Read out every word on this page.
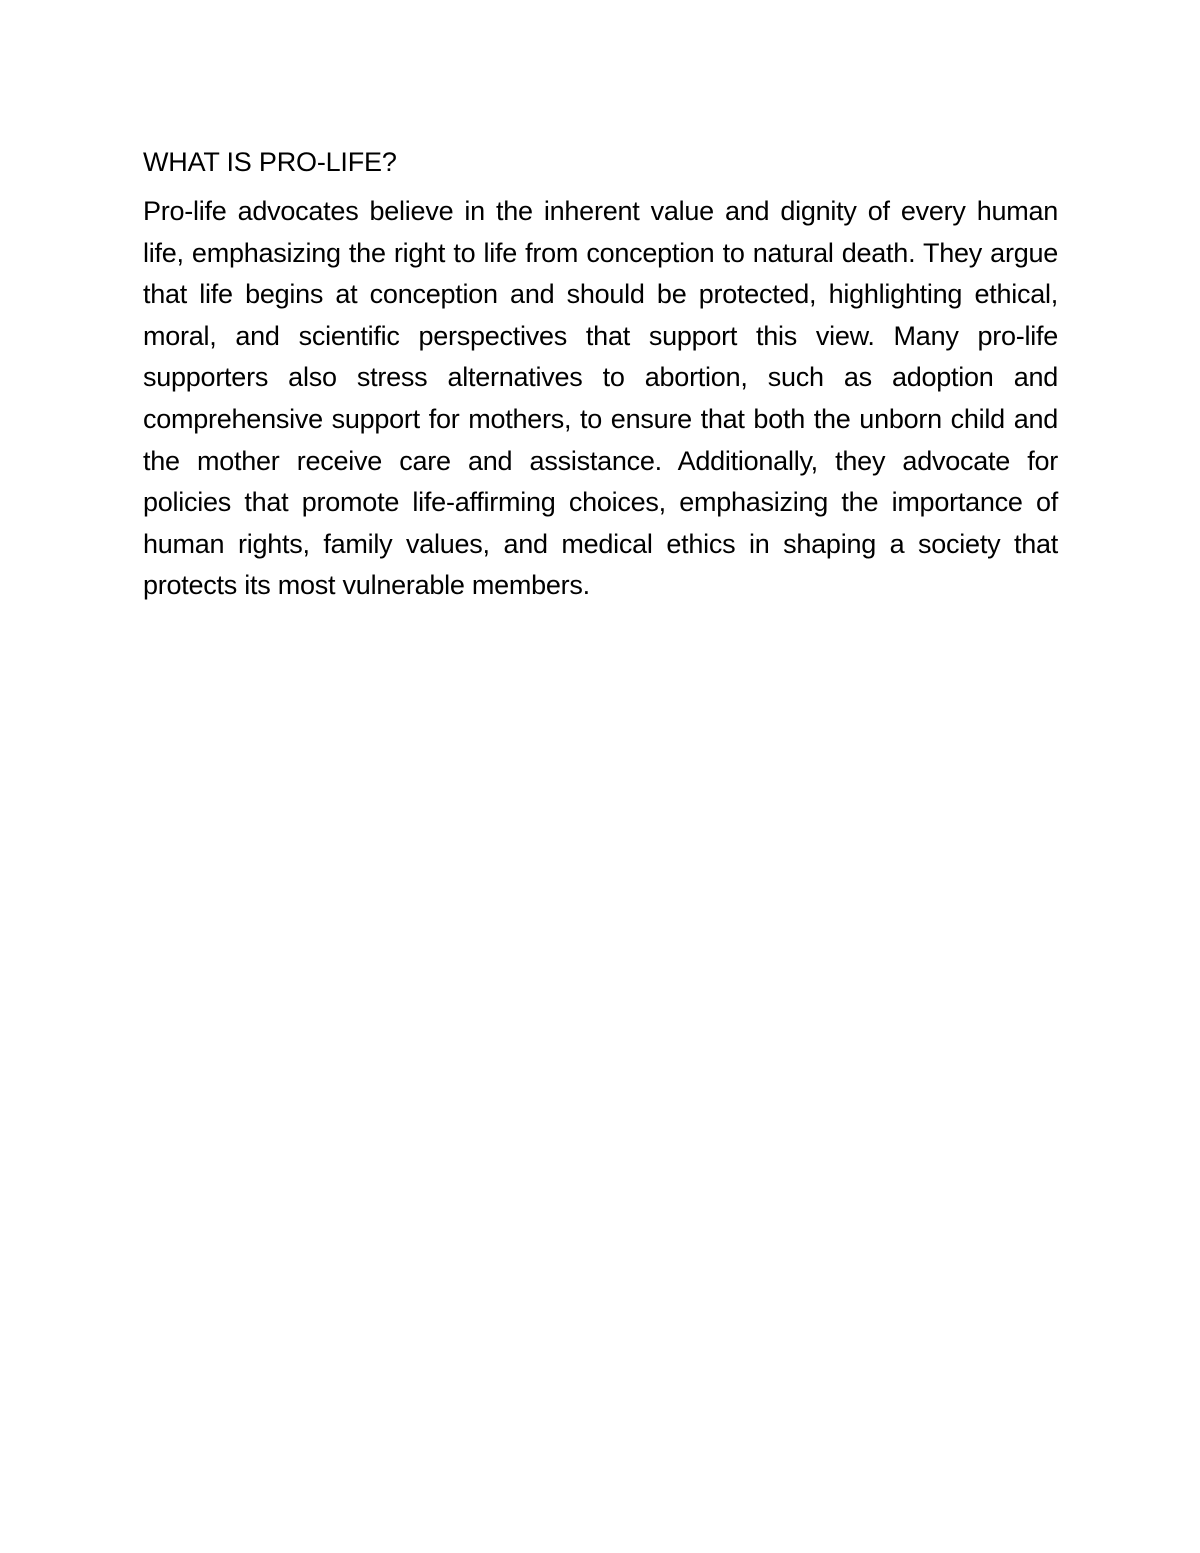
WHAT IS PRO-LIFE?

Pro-life advocates believe in the inherent value and dignity of every human life, emphasizing the right to life from conception to natural death. They argue that life begins at conception and should be protected, highlighting ethical, moral, and scientific perspectives that support this view. Many pro-life supporters also stress alternatives to abortion, such as adoption and comprehensive support for mothers, to ensure that both the unborn child and the mother receive care and assistance. Additionally, they advocate for policies that promote life-affirming choices, emphasizing the importance of human rights, family values, and medical ethics in shaping a society that protects its most vulnerable members.
